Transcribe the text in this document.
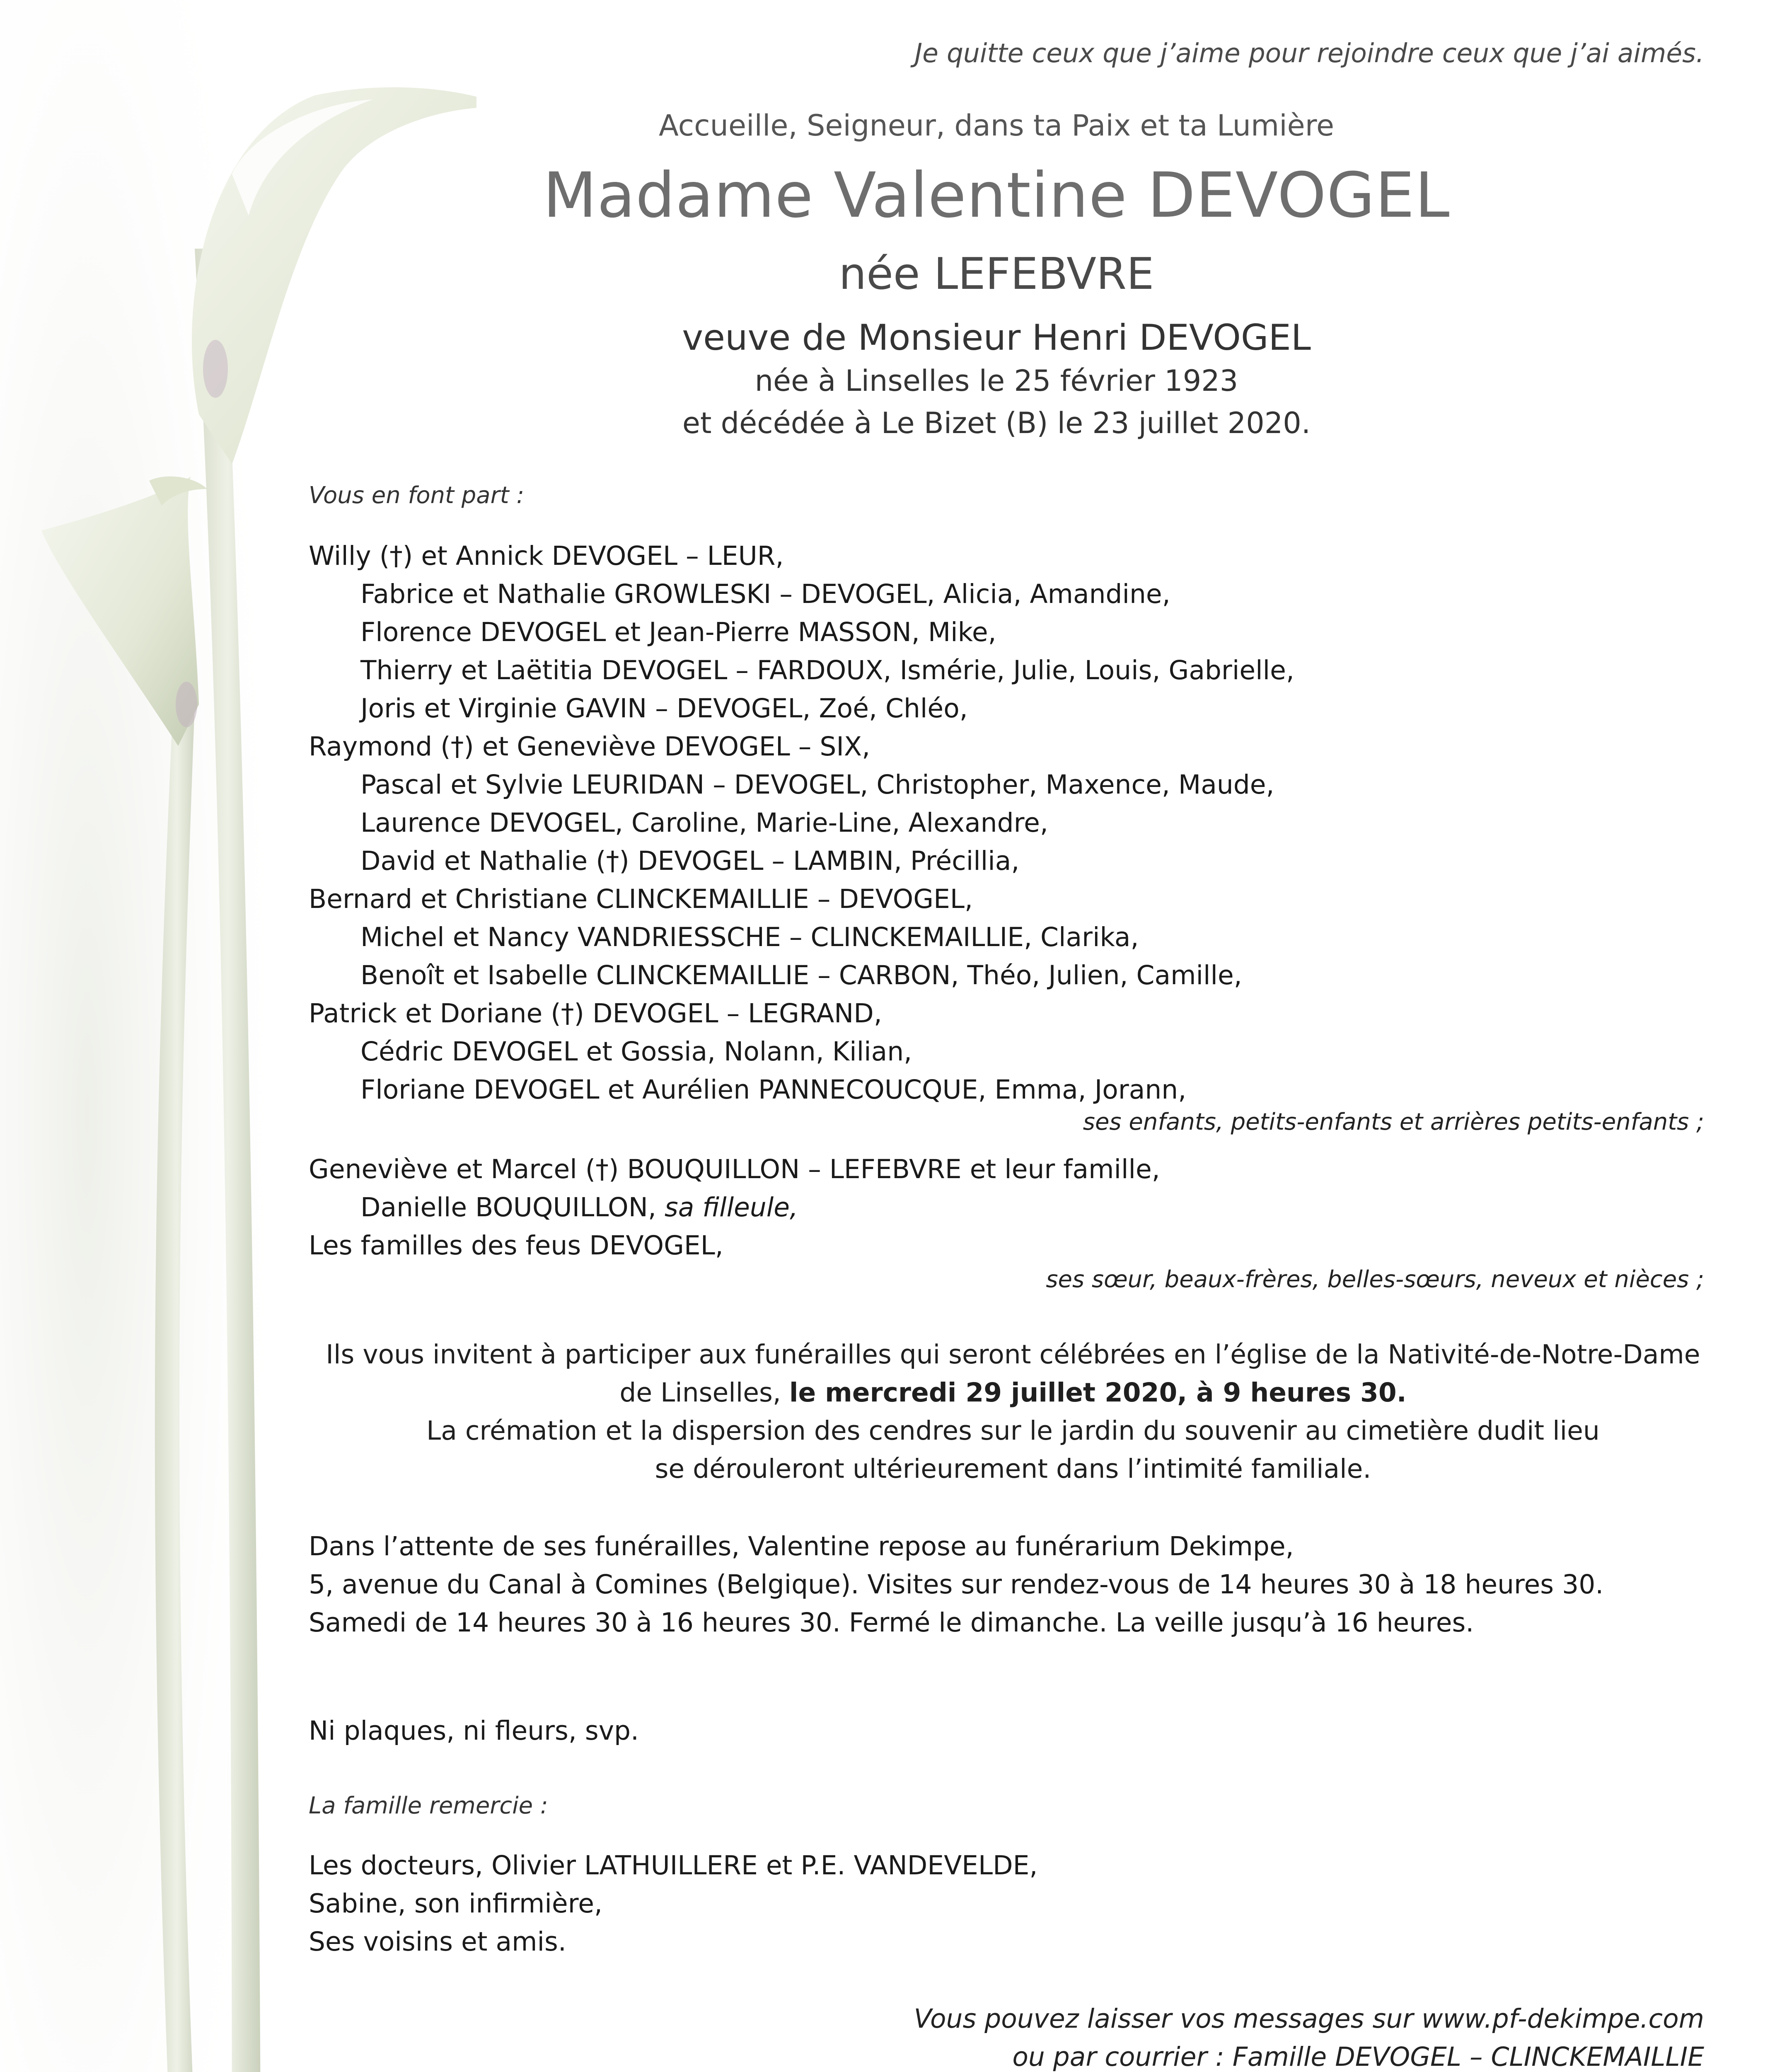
Je quitte ceux que j’aime pour rejoindre ceux que j’ai aimés.

Accueille, Seigneur, dans ta Paix et ta Lumière

Madame Valentine DEVOGEL

née LEFEBVRE

veuve de Monsieur Henri DEVOGEL

née à Linselles le 25 février 1923

et décédée à Le Bizet (B) le 23 juillet 2020.

Vous en font part :

Willy (†) et Annick DEVOGEL – LEUR,

Fabrice et Nathalie GROWLESKI – DEVOGEL, Alicia, Amandine,

Florence DEVOGEL et Jean-Pierre MASSON, Mike,

Thierry et Laëtitia DEVOGEL – FARDOUX, Ismérie, Julie, Louis, Gabrielle,

Joris et Virginie GAVIN – DEVOGEL, Zoé, Chléo,

Raymond (†) et Geneviève DEVOGEL – SIX,

Pascal et Sylvie LEURIDAN – DEVOGEL, Christopher, Maxence, Maude,

Laurence DEVOGEL, Caroline, Marie-Line, Alexandre,

David et Nathalie (†) DEVOGEL – LAMBIN, Précillia,

Bernard et Christiane CLINCKEMAILLIE – DEVOGEL,

Michel et Nancy VANDRIESSCHE – CLINCKEMAILLIE, Clarika,

Benoît et Isabelle CLINCKEMAILLIE – CARBON, Théo, Julien, Camille,

Patrick et Doriane (†) DEVOGEL – LEGRAND,

Cédric DEVOGEL et Gossia, Nolann, Kilian,

Floriane DEVOGEL et Aurélien PANNECOUCQUE, Emma, Jorann,

ses enfants, petits-enfants et arrières petits-enfants ;

Geneviève et Marcel (†) BOUQUILLON – LEFEBVRE et leur famille,

Danielle BOUQUILLON, sa filleule,

Les familles des feus DEVOGEL,

ses sœur, beaux-frères, belles-sœurs, neveux et nièces ;

Ils vous invitent à participer aux funérailles qui seront célébrées en l’église de la Nativité-de-Notre-Dame

de Linselles, le mercredi 29 juillet 2020, à 9 heures 30.

La crémation et la dispersion des cendres sur le jardin du souvenir au cimetière dudit lieu

se dérouleront ultérieurement dans l’intimité familiale.

Dans l’attente de ses funérailles, Valentine repose au funérarium Dekimpe,

5, avenue du Canal à Comines (Belgique). Visites sur rendez-vous de 14 heures 30 à 18 heures 30.

Samedi de 14 heures 30 à 16 heures 30. Fermé le dimanche. La veille jusqu’à 16 heures.

Ni plaques, ni fleurs, svp.

La famille remercie :

Les docteurs, Olivier LATHUILLERE et P.E. VANDEVELDE,

Sabine, son infirmière,

Ses voisins et amis.

Vous pouvez laisser vos messages sur www.pf-dekimpe.com

ou par courrier : Famille DEVOGEL – CLINCKEMAILLIE
